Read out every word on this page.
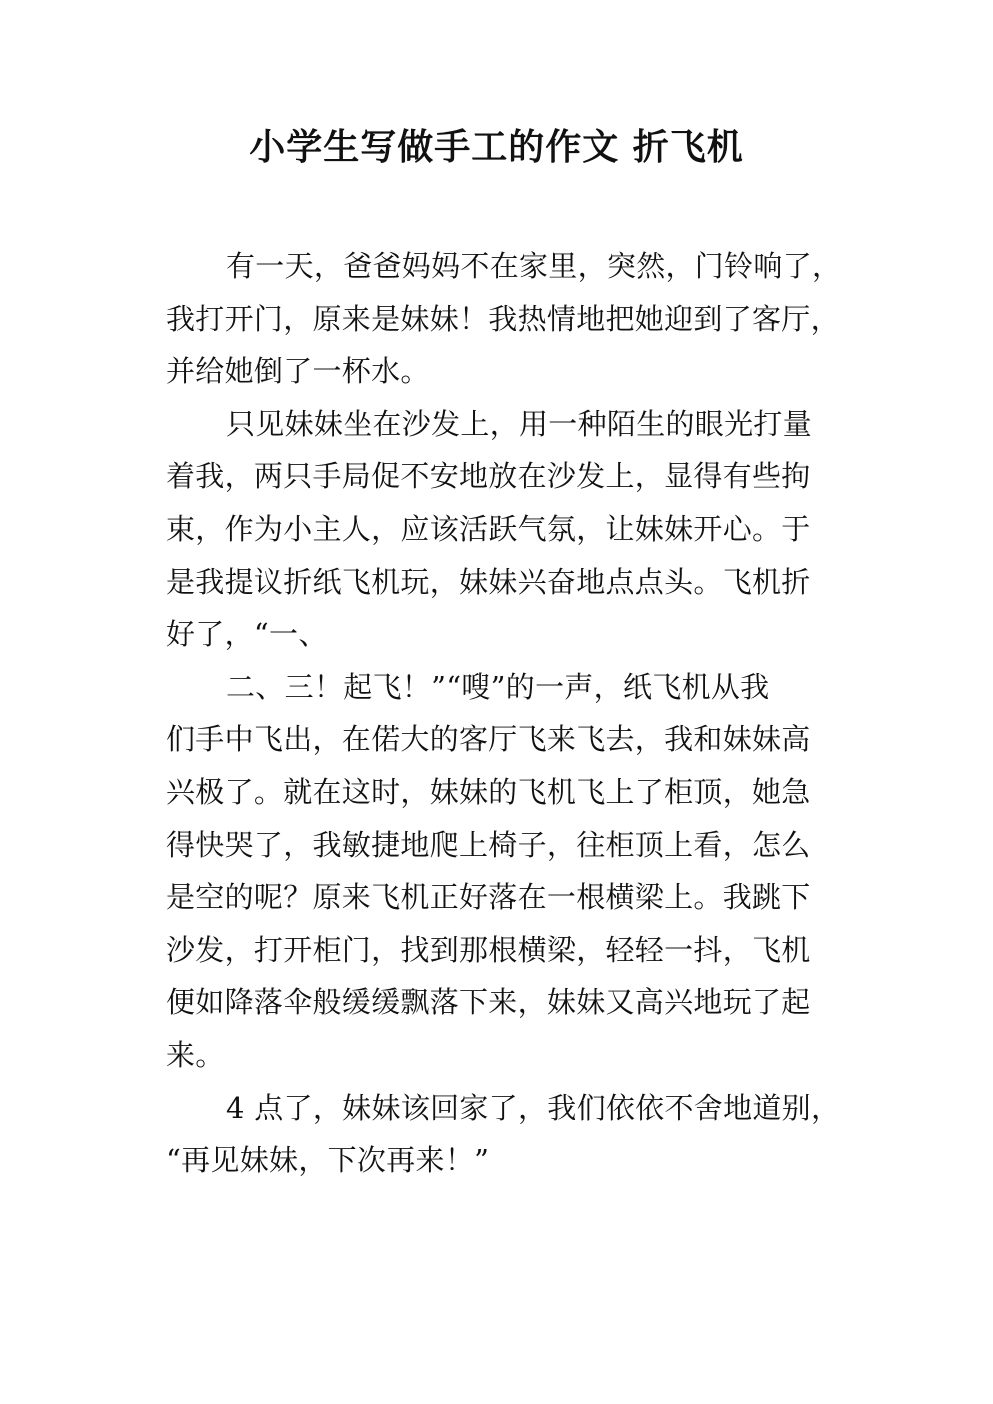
小学生写做手工的作文 折飞机
有一天，爸爸妈妈不在家里，突然，门铃响了，
我打开门，原来是妹妹！我热情地把她迎到了客厅，
并给她倒了一杯水。
只见妹妹坐在沙发上，用一种陌生的眼光打量
着我，两只手局促不安地放在沙发上，显得有些拘
束，作为小主人，应该活跃气氛，让妹妹开心。于
是我提议折纸飞机玩，妹妹兴奋地点点头。飞机折
好了，“一、
二、三！起飞！”“嗖”的一声，纸飞机从我
们手中飞出，在偌大的客厅飞来飞去，我和妹妹高
兴极了。就在这时，妹妹的飞机飞上了柜顶，她急
得快哭了，我敏捷地爬上椅子，往柜顶上看，怎么
是空的呢？原来飞机正好落在一根横梁上。我跳下
沙发，打开柜门，找到那根横梁，轻轻一抖，飞机
便如降落伞般缓缓飘落下来，妹妹又高兴地玩了起
来。
4 点了，妹妹该回家了，我们依依不舍地道别，
“再见妹妹，下次再来！”
